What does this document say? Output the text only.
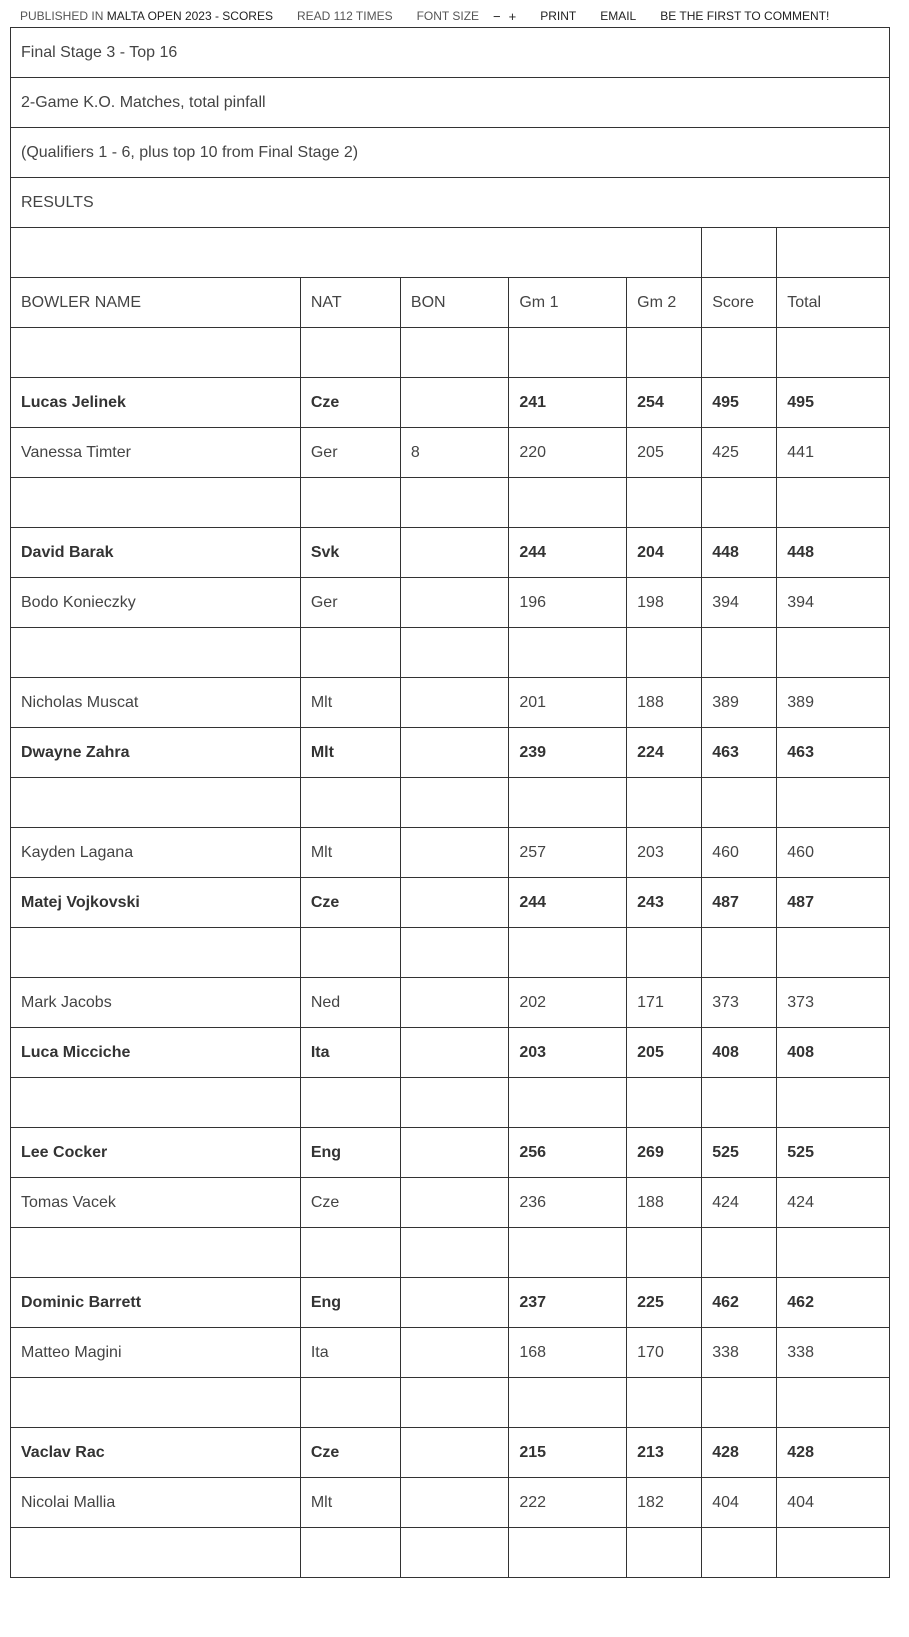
PUBLISHED IN
MALTA OPEN 2023 - SCORES READ 112 TIMES FONT SIZE − + PRINT EMAIL BE THE FIRST TO COMMENT!
Final Stage 3 - Top 16						
2-Game K.O. Matches, total pinfall						
(Qualifiers 1 - 6, plus top 10 from Final Stage 2)						
RESULTS						

BOWLER NAME	NAT	BON	Gm 1	Gm 2	Score	Total

Lucas Jelinek	Cze		241	254	495	495
Vanessa Timter	Ger	8	220	205	425	441

David Barak	Svk		244	204	448	448
Bodo Konieczky	Ger		196	198	394	394

Nicholas Muscat	Mlt		201	188	389	389
Dwayne Zahra	Mlt		239	224	463	463

Kayden Lagana	Mlt		257	203	460	460
Matej Vojkovski	Cze		244	243	487	487

Mark Jacobs	Ned		202	171	373	373
Luca Micciche	Ita		203	205	408	408

Lee Cocker	Eng		256	269	525	525
Tomas Vacek	Cze		236	188	424	424

Dominic Barrett	Eng		237	225	462	462
Matteo Magini	Ita		168	170	338	338

Vaclav Rac	Cze		215	213	428	428
Nicolai Mallia	Mlt		222	182	404	404
